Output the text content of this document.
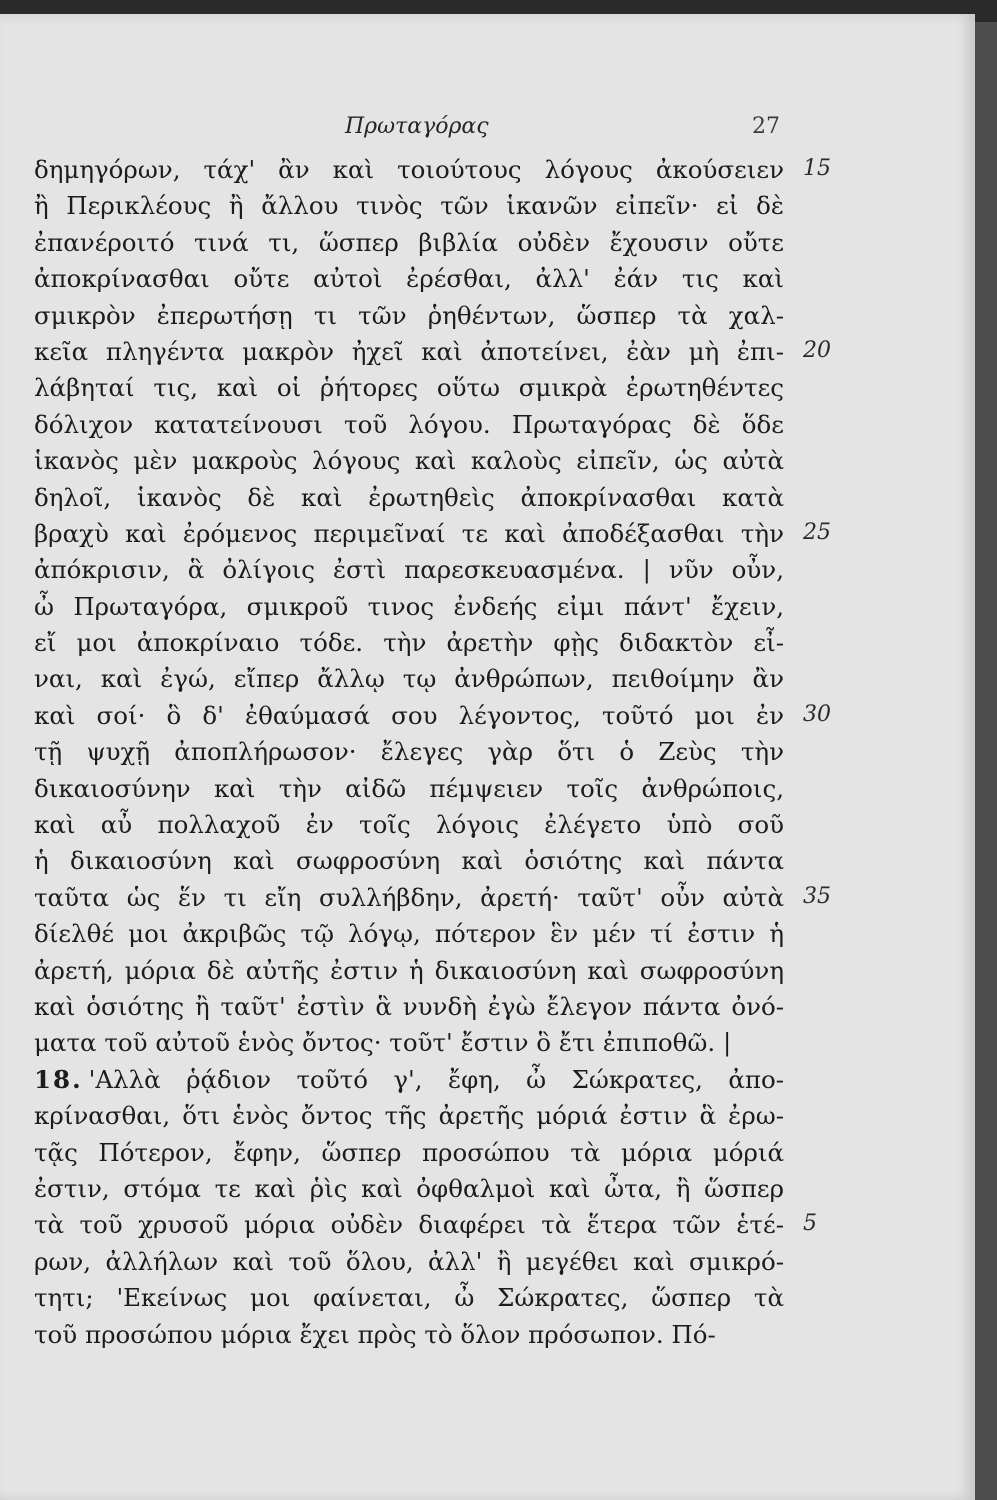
Πρωταγόρας	27
δημηγόρων, τάχ' ἂν καὶ τοιούτους λόγους ἀκούσειεν
ἢ Περικλέους ἢ ἄλλου τινὸς τῶν ἱκανῶν εἰπεῖν· εἰ δὲ
ἐπανέροιτό τινά τι, ὥσπερ βιβλία οὐδὲν ἔχουσιν οὔτε
ἀποκρίνασθαι οὔτε αὐτοὶ ἐρέσθαι, ἀλλ' ἐάν τις καὶ
σμικρὸν ἐπερωτήσῃ τι τῶν ῥηθέντων, ὥσπερ τὰ χαλ-
κεῖα πληγέντα μακρὸν ἠχεῖ καὶ ἀποτείνει, ἐὰν μὴ ἐπι-
λάβηταί τις, καὶ οἱ ῥήτορες οὕτω σμικρὰ ἐρωτηθέντες
δόλιχον κατατείνουσι τοῦ λόγου. Πρωταγόρας δὲ ὅδε
ἱκανὸς μὲν μακροὺς λόγους καὶ καλοὺς εἰπεῖν, ὡς αὐτὰ
δηλοῖ, ἱκανὸς δὲ καὶ ἐρωτηθεὶς ἀποκρίνασθαι κατὰ
βραχὺ καὶ ἐρόμενος περιμεῖναί τε καὶ ἀποδέξασθαι τὴν
ἀπόκρισιν, ἃ ὀλίγοις ἐστὶ παρεσκευασμένα. | νῦν οὖν,
ὦ Πρωταγόρα, σμικροῦ τινος ἐνδεής εἰμι πάντ' ἔχειν,
εἴ μοι ἀποκρίναιο τόδε. τὴν ἀρετὴν φῂς διδακτὸν εἶ-
ναι, καὶ ἐγώ, εἴπερ ἄλλῳ τῳ ἀνθρώπων, πειθοίμην ἂν
καὶ σοί· ὃ δ' ἐθαύμασά σου λέγοντος, τοῦτό μοι ἐν
τῇ ψυχῇ ἀποπλήρωσον· ἔλεγες γὰρ ὅτι ὁ Ζεὺς τὴν
δικαιοσύνην καὶ τὴν αἰδῶ πέμψειεν τοῖς ἀνθρώποις,
καὶ αὖ πολλαχοῦ ἐν τοῖς λόγοις ἐλέγετο ὑπὸ σοῦ
ἡ δικαιοσύνη καὶ σωφροσύνη καὶ ὁσιότης καὶ πάντα
ταῦτα ὡς ἕν τι εἴη συλλήβδην, ἀρετή· ταῦτ' οὖν αὐτὰ
δίελθέ μοι ἀκριβῶς τῷ λόγῳ, πότερον ἓν μέν τί ἐστιν ἡ
ἀρετή, μόρια δὲ αὐτῆς ἐστιν ἡ δικαιοσύνη καὶ σωφροσύνη
καὶ ὁσιότης ἢ ταῦτ' ἐστὶν ἃ νυνδὴ ἐγὼ ἔλεγον πάντα ὀνό-
ματα τοῦ αὐτοῦ ἑνὸς ὄντος· τοῦτ' ἔστιν ὃ ἔτι ἐπιποθῶ. |
18. 'Αλλὰ ῥᾴδιον τοῦτό γ', ἔφη, ὦ Σώκρατες, ἀπο-
κρίνασθαι, ὅτι ἑνὸς ὄντος τῆς ἀρετῆς μόριά ἐστιν ἃ ἐρω-
τᾷς Πότερον, ἔφην, ὥσπερ προσώπου τὰ μόρια μόριά
ἐστιν, στόμα τε καὶ ῥὶς καὶ ὀφθαλμοὶ καὶ ὦτα, ἢ ὥσπερ
τὰ τοῦ χρυσοῦ μόρια οὐδὲν διαφέρει τὰ ἕτερα τῶν ἑτέ-
ρων, ἀλλήλων καὶ τοῦ ὅλου, ἀλλ' ἢ μεγέθει καὶ σμικρό-
τητι; 'Εκείνως μοι φαίνεται, ὦ Σώκρατες, ὥσπερ τὰ
τοῦ προσώπου μόρια ἔχει πρὸς τὸ ὅλον πρόσωπον. Πό-
15
20
25
30
35
5
